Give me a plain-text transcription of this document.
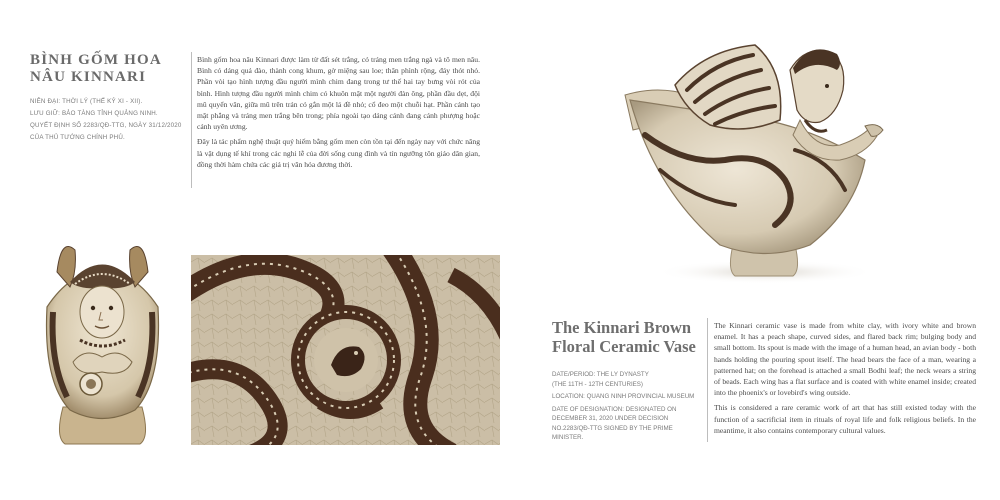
BÌNH GỐM HOA NÂU KINNARI
NIÊN ĐẠI: THỜI LÝ (THẾ KỶ XI - XII).
LƯU GIỮ: BẢO TÀNG TỈNH QUẢNG NINH.
QUYẾT ĐỊNH SỐ 2283/QĐ-TTG, NGÀY 31/12/2020
CỦA THỦ TƯỚNG CHÍNH PHỦ.

Bình gốm hoa nâu Kinnari được làm từ đất sét trắng, có tráng men trắng ngà và tô men nâu. Bình có dáng quả đào, thành cong khum, gờ miệng sau loe; thân phình rộng, đáy thót nhỏ. Phần vòi tạo hình tượng đầu người mình chim đang trong tư thế hai tay bưng vòi rót của bình. Hình tượng đầu người mình chim có khuôn mặt một người đàn ông, phần đầu dẹt, đội mũ quyển vân, giữa mũ trên trán có gắn một lá đề nhỏ; cổ đeo một chuỗi hạt. Phần cánh tạo mặt phẳng và tráng men trắng bên trong; phía ngoài tạo dáng cánh đang cánh phượng hoặc cánh uyên ương.

Đây là tác phẩm nghệ thuật quý hiếm bằng gốm men còn tồn tại đến ngày nay với chức năng là vật dụng tế khí trong các nghi lễ của đời sống cung đình và tín ngưỡng tôn giáo dân gian, đồng thời hàm chứa các giá trị văn hóa đương thời.

The Kinnari Brown Floral Ceramic Vase
DATE/PERIOD: THE LY DYNASTY
(THE 11TH - 12TH CENTURIES)
LOCATION: QUANG NINH PROVINCIAL MUSEUM
DATE OF DESIGNATION: DESIGNATED ON
DECEMBER 31, 2020 UNDER DECISION
NO.2283/QĐ-TTG SIGNED BY THE PRIME
MINISTER.

The Kinnari ceramic vase is made from white clay, with ivory white and brown enamel. It has a peach shape, curved sides, and flared back rim; bulging body and small bottom. Its spout is made with the image of a human head, an avian body - both hands holding the pouring spout itself. The head bears the face of a man, wearing a patterned hat; on the forehead is attached a small Bodhi leaf; the neck wears a string of beads. Each wing has a flat surface and is coated with white enamel inside; created into the phoenix's or lovebird's wing outside.

This is considered a rare ceramic work of art that has still existed today with the function of a sacrificial item in rituals of royal life and folk religious beliefs. In the meantime, it also contains contemporary cultural values.
